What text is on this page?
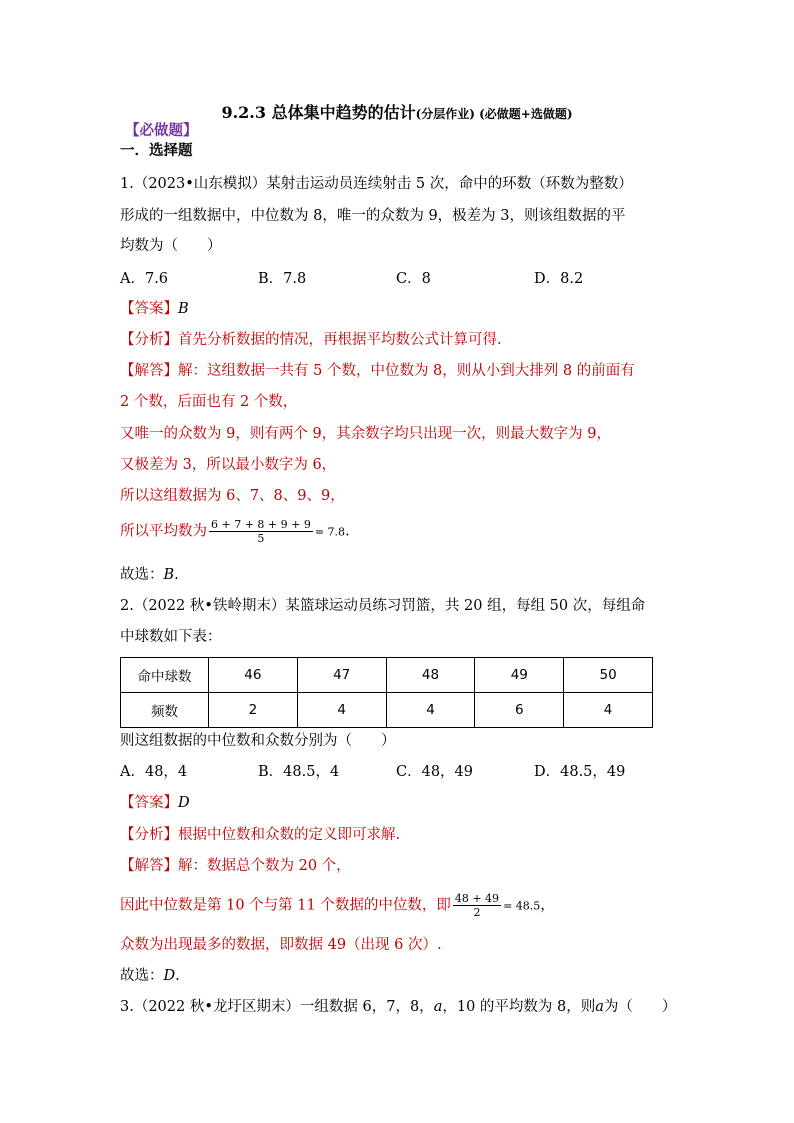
9.2.3 总体集中趋势的估计(分层作业) (必做题+选做题)
【必做题】
一．选择题
1.（2023•山东模拟）某射击运动员连续射击 5 次，命中的环数（环数为整数）
形成的一组数据中，中位数为 8，唯一的众数为 9，极差为 3，则该组数据的平
均数为（　　）
A．7.6	B．7.8	C．8	D．8.2
【答案】B
【分析】首先分析数据的情况，再根据平均数公式计算可得.
【解答】解：这组数据一共有 5 个数，中位数为 8，则从小到大排列 8 的前面有
2 个数，后面也有 2 个数，
又唯一的众数为 9，则有两个 9，其余数字均只出现一次，则最大数字为 9，
又极差为 3，所以最小数字为 6，
所以这组数据为 6、7、8、9、9，
所以平均数为 $\frac{6 + 7 + 8 + 9 + 9}{5} = 7.8$.
故选：B.
2.（2022 秋•铁岭期末）某篮球运动员练习罚篮，共 20 组，每组 50 次，每组命
中球数如下表：
命中球数	46	47	48	49	50
频数	2	4	4	6	4
则这组数据的中位数和众数分别为（　　）
A．48，4	B．48.5，4	C．48，49	D．48.5，49
【答案】D
【分析】根据中位数和众数的定义即可求解.
【解答】解：数据总个数为 20 个，
因此中位数是第 10 个与第 11 个数据的中位数，即 $\frac{48 + 49}{2} = 48.5$，
众数为出现最多的数据，即数据 49（出现 6 次）.
故选：D.
3.（2022 秋•龙圩区期末）一组数据 6，7，8，a，10 的平均数为 8，则a为（　　）
